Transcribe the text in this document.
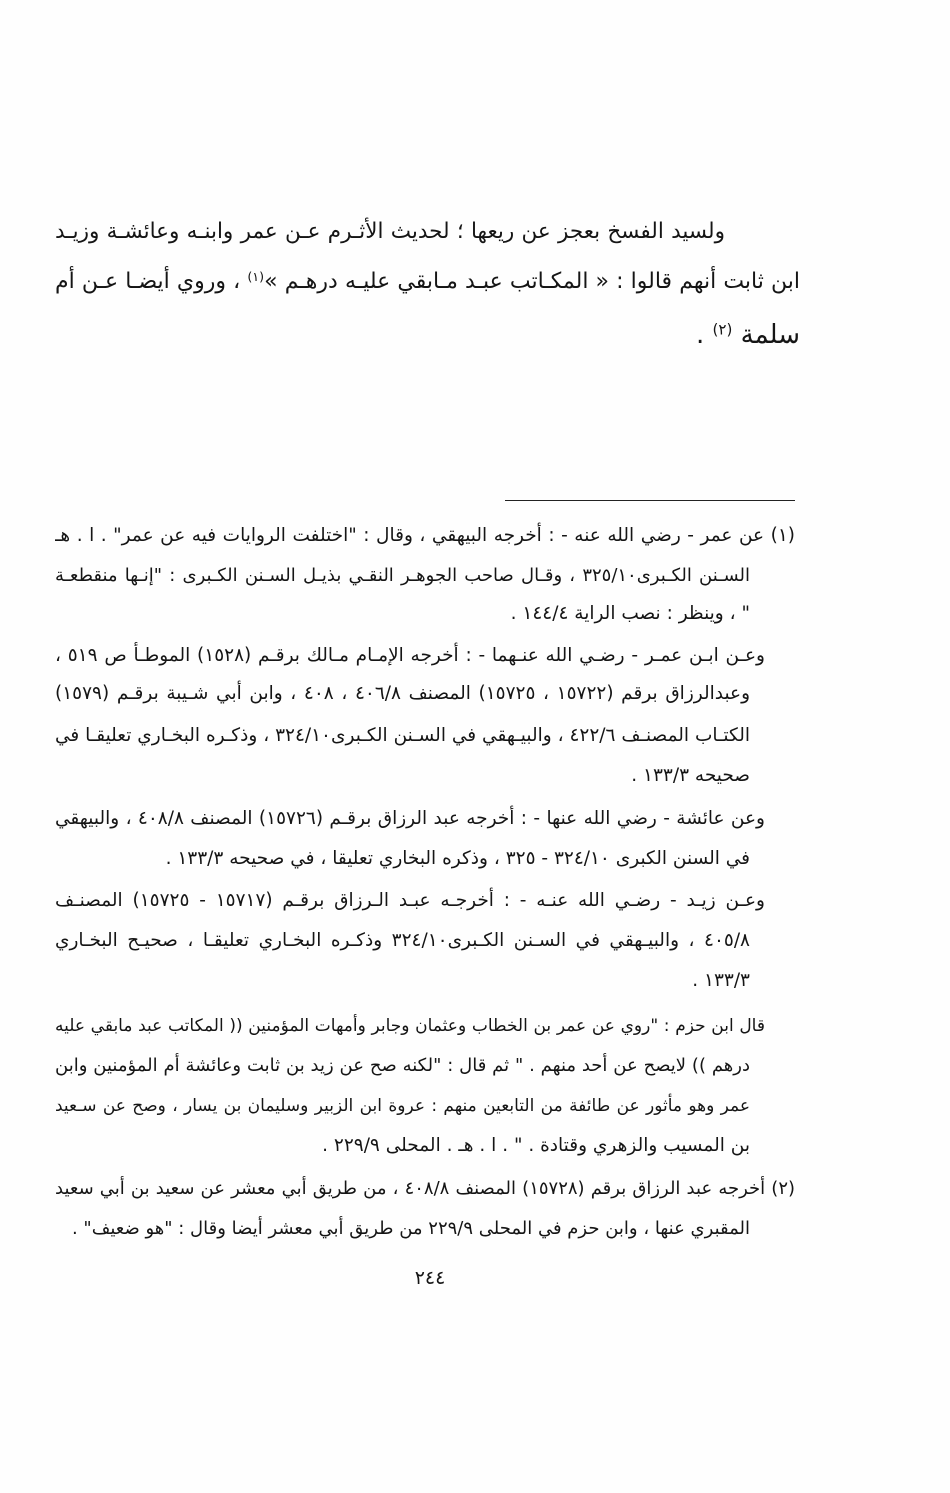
ولسيد الفسخ بعجز عن ريعها ؛ لحديث الأثـرم عـن عمر وابنـه وعائشـة وزيـد
ابن ثابت أنهم قالوا : « المكـاتب عبـد مـابقي عليـه درهـم »$^{(١)}$ ، وروي أيضـا عـن أم
سلمة $^{(٢)}$ .
(١) عن عمر - رضي الله عنه - : أخرجه البيهقي ، وقال : "اختلفت الروايات فيه عن عمر" . ا . هـ
السـنن الكـبرى٣٢٥/١٠ ، وقـال صاحب الجوهـر النقـي بذيـل السـنن الكـبرى : "إنـها منقطعـة
" ، وينظر : نصب الراية ١٤٤/٤ .
وعـن ابـن عمـر - رضـي الله عنـهما - : أخرجه الإمـام مـالك برقـم (١٥٢٨) الموطـأ ص ٥١٩ ،
وعبدالرزاق برقم (١٥٧٢٢ ، ١٥٧٢٥) المصنف ٤٠٦/٨ ، ٤٠٨ ، وابن أبي شـيبة برقـم (١٥٧٩)
الكتـاب المصنـف ٤٢٢/٦ ، والبيـهقي في السـنن الكـبرى٣٢٤/١٠ ، وذكـره البخـاري تعليقـا في
صحيحه ١٣٣/٣ .
وعن عائشة - رضي الله عنها - : أخرجه عبد الرزاق برقـم (١٥٧٢٦) المصنف ٤٠٨/٨ ، والبيهقي
في السنن الكبرى ٣٢٤/١٠ - ٣٢٥ ، وذكره البخاري تعليقا ، في صحيحه ١٣٣/٣ .
وعـن زيـد - رضـي الله عنـه - : أخرجـه عبـد الـرزاق برقـم (١٥٧١٧ - ١٥٧٢٥) المصنـف
٤٠٥/٨ ، والبيـهقي في السـنن الكـبرى٣٢٤/١٠ وذكـره البخـاري تعليقـا ، صحيـح البخـاري
١٣٣/٣ .
قال ابن حزم : "روي عن عمر بن الخطاب وعثمان وجابر وأمهات المؤمنين (( المكاتب عبد مابقي عليه
درهم )) لايصح عن أحد منهم . " ثم قال : "لكنه صح عن زيد بن ثابت وعائشة أم المؤمنين وابن
عمر وهو مأثور عن طائفة من التابعين منهم : عروة ابن الزبير وسليمان بن يسار ، وصح عن سـعيد
بن المسيب والزهري وقتادة . " . ا . هـ . المحلى ٢٢٩/٩ .
(٢) أخرجه عبد الرزاق برقم (١٥٧٢٨) المصنف ٤٠٨/٨ ، من طريق أبي معشر عن سعيد بن أبي سعيد
المقبري عنها ، وابن حزم في المحلى ٢٢٩/٩ من طريق أبي معشر أيضا وقال : "هو ضعيف" .
٢٤٤
